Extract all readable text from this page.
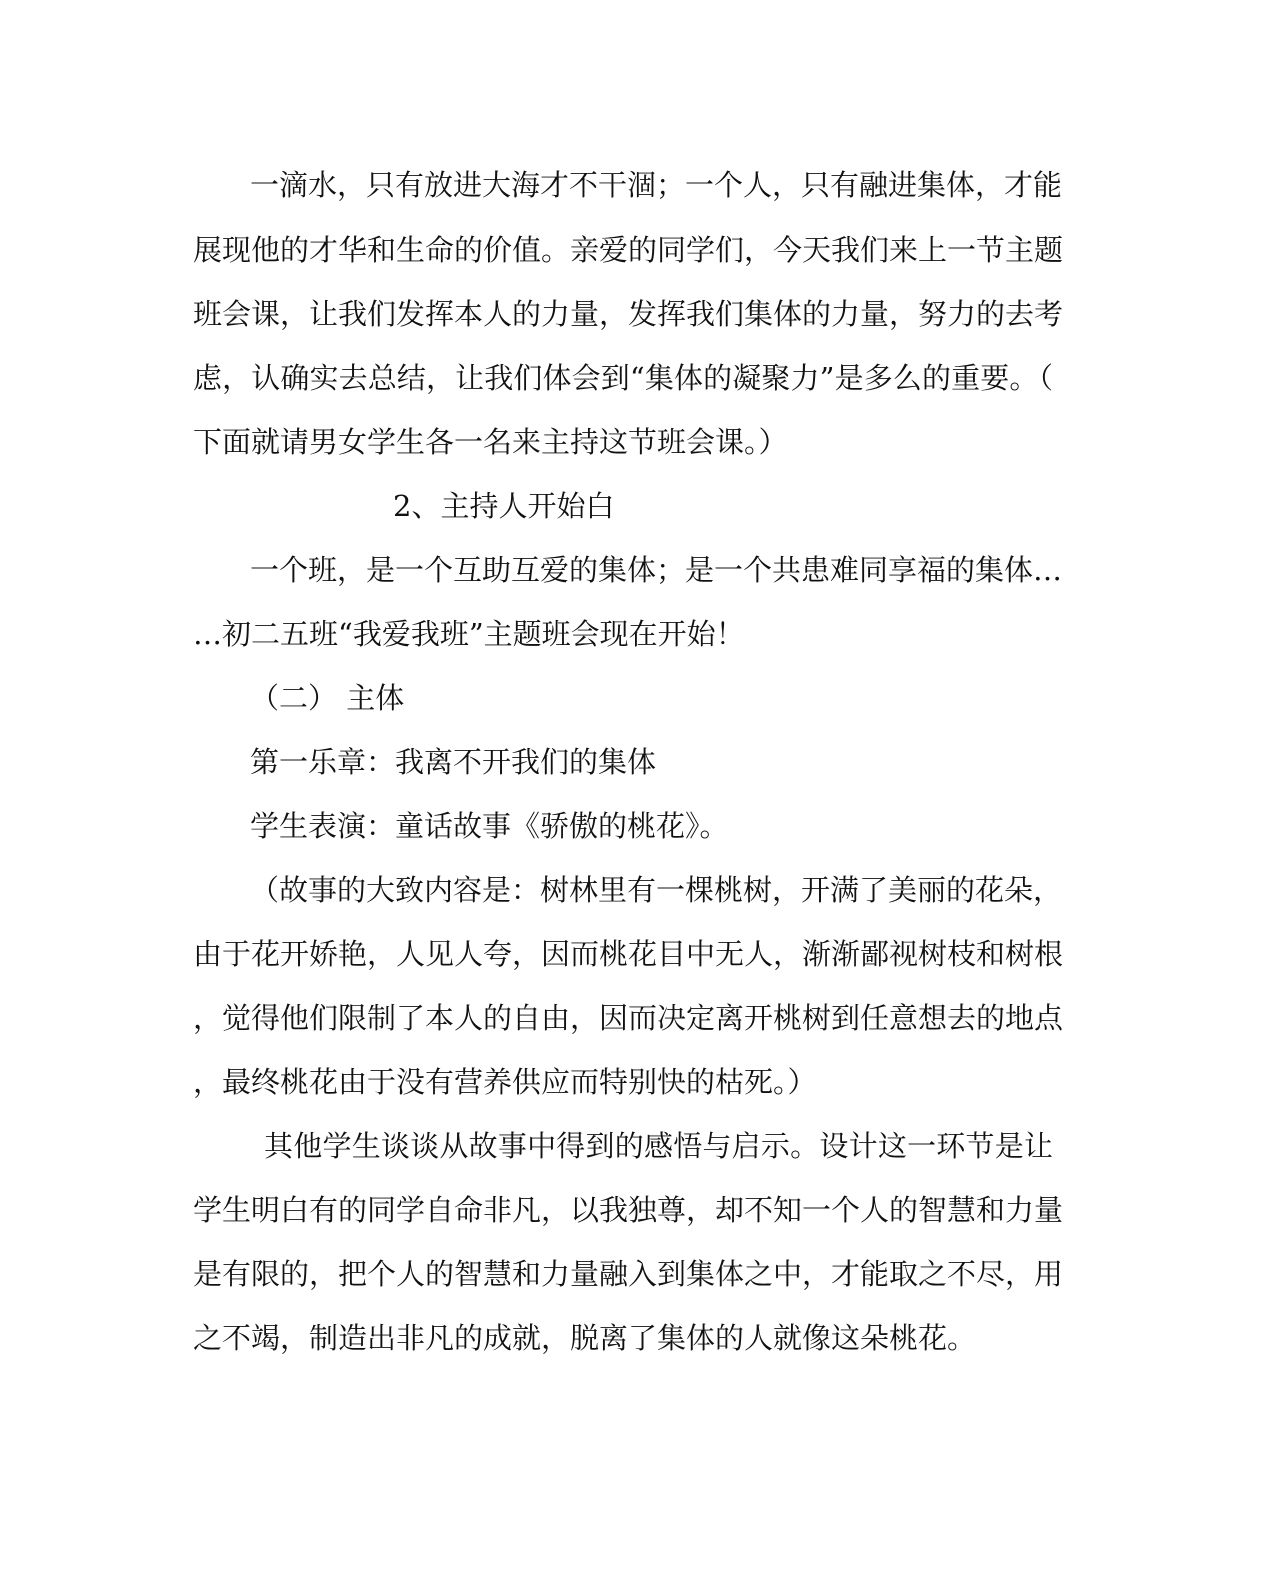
一滴水，只有放进大海才不干涸；一个人，只有融进集体，才能
展现他的才华和生命的价值。亲爱的同学们，今天我们来上一节主题
班会课，让我们发挥本人的力量，发挥我们集体的力量，努力的去考
虑，认确实去总结，让我们体会到“集体的凝聚力”是多么的重要。（
下面就请男女学生各一名来主持这节班会课。）
2、主持人开始白
一个班，是一个互助互爱的集体；是一个共患难同享福的集体…
…初二五班“我爱我班”主题班会现在开始！
（二） 主体
第一乐章：我离不开我们的集体
学生表演：童话故事《骄傲的桃花》。
（故事的大致内容是：树林里有一棵桃树，开满了美丽的花朵，
由于花开娇艳，人见人夸，因而桃花目中无人，渐渐鄙视树枝和树根
，觉得他们限制了本人的自由，因而决定离开桃树到任意想去的地点
，最终桃花由于没有营养供应而特别快的枯死。）
其他学生谈谈从故事中得到的感悟与启示。设计这一环节是让
学生明白有的同学自命非凡，以我独尊，却不知一个人的智慧和力量
是有限的，把个人的智慧和力量融入到集体之中，才能取之不尽，用
之不竭，制造出非凡的成就，脱离了集体的人就像这朵桃花。
